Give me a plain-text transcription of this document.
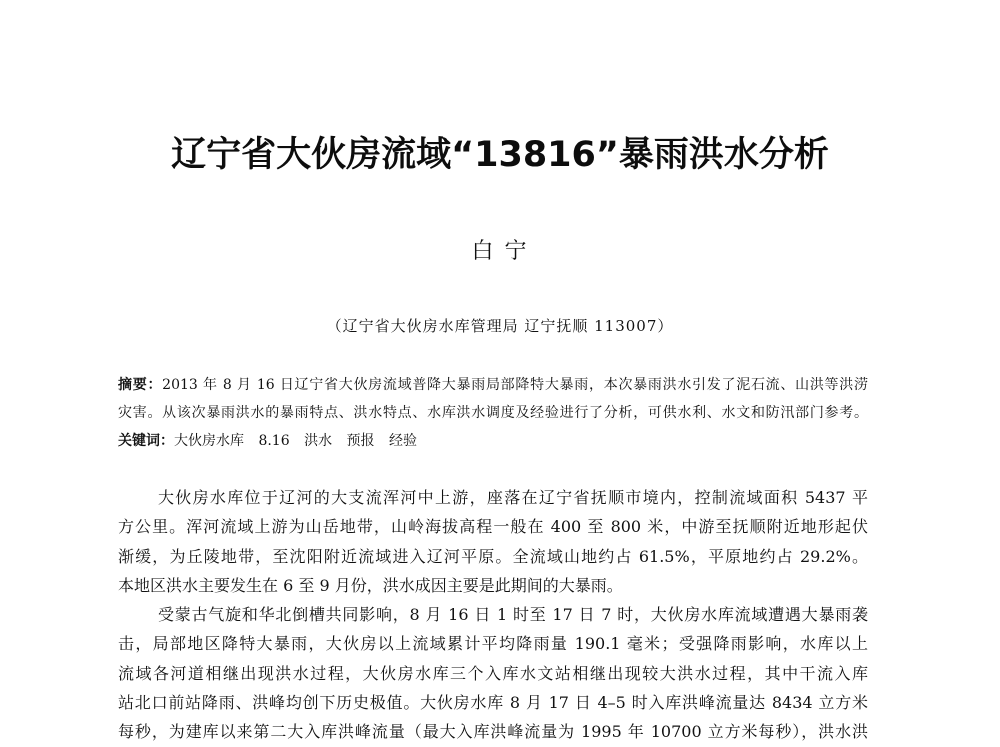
辽宁省大伙房流域“13816”暴雨洪水分析
白 宁
（辽宁省大伙房水库管理局 辽宁抚顺 113007）
摘要：2013 年 8 月 16 日辽宁省大伙房流域普降大暴雨局部降特大暴雨，本次暴雨洪水引发了泥石流、山洪等洪涝
灾害。从该次暴雨洪水的暴雨特点、洪水特点、水库洪水调度及经验进行了分析，可供水利、水文和防汛部门参考。
关键词：大伙房水库 8.16 洪水 预报 经验
大伙房水库位于辽河的大支流浑河中上游，座落在辽宁省抚顺市境内，控制流域面积 5437 平
方公里。浑河流域上游为山岳地带，山岭海拔高程一般在 400 至 800 米，中游至抚顺附近地形起伏
渐缓，为丘陵地带，至沈阳附近流域进入辽河平原。全流域山地约占 61.5%，平原地约占 29.2%。
本地区洪水主要发生在 6 至 9 月份，洪水成因主要是此期间的大暴雨。
受蒙古气旋和华北倒槽共同影响，8 月 16 日 1 时至 17 日 7 时，大伙房水库流域遭遇大暴雨袭
击，局部地区降特大暴雨，大伙房以上流域累计平均降雨量 190.1 毫米；受强降雨影响，水库以上
流域各河道相继出现洪水过程，大伙房水库三个入库水文站相继出现较大洪水过程，其中干流入库
站北口前站降雨、洪峰均创下历史极值。大伙房水库 8 月 17 日 4–5 时入库洪峰流量达 8434 立方米
每秒，为建库以来第二大入库洪峰流量（最大入库洪峰流量为 1995 年 10700 立方米每秒），洪水洪
